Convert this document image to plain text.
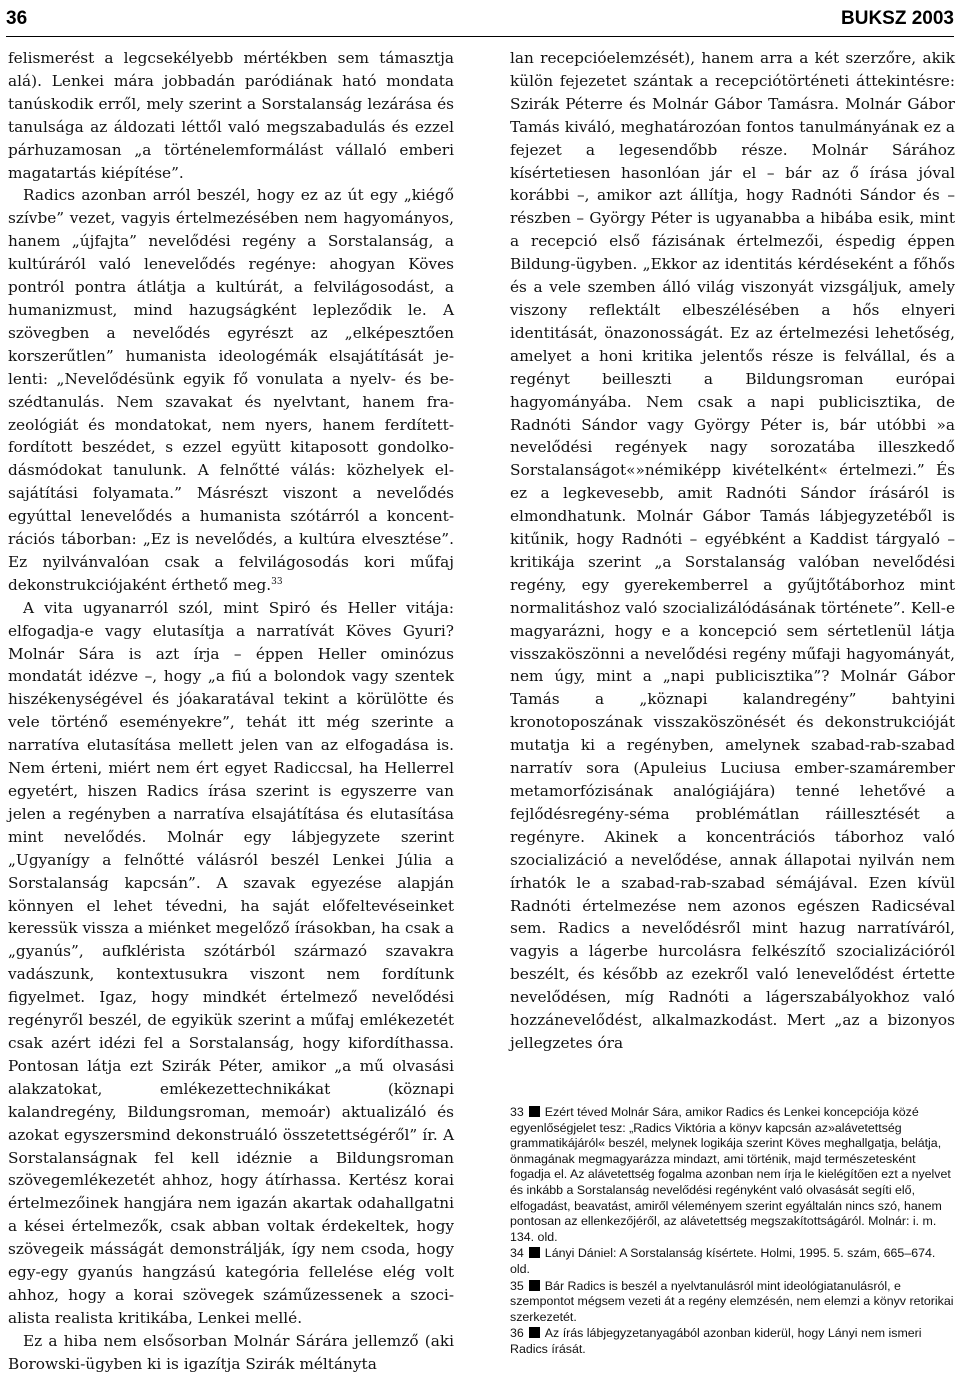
36	BUKSZ 2003

felismerést a legcsekélyebb mértékben sem támasztja alá). Lenkei mára jobbadán paródiának ható mondata tanúskodik erről, mely szerint a Sorstalanság lezárása és tanulsága az áldozati léttől való megszabadulás és ezzel párhuzamosan „a történelemformálást vállaló emberi magatartás kiépítése”.

Radics azonban arról beszél, hogy ez az út egy „kiégő szívbe” vezet, vagyis értelmezésében nem hagyományos, hanem „újfajta” nevelődési regény a Sorstalanság, a kultúráról való lenevelődés regénye: ahogyan Köves pontról pontra átlátja a kultúrát, a felvilágosodást, a humanizmust, mind hazugságként lepleződik le. A szövegben a nevelődés egyrészt az „elképesztően korszerűtlen” humanista ideologémák elsajátítását jelenti: „Nevelődésünk egyik fő vonulata a nyelv- és beszédtanulás. Nem szavakat és nyelvtant, hanem frazeológiát és mondatokat, nem nyers, hanem ferdítettfordított beszédet, s ezzel együtt kitaposott gondolkodásmódokat tanulunk. A felnőtté válás: közhelyek elsajátítási folyamata.” Másrészt viszont a nevelődés egyúttal lenevelődés a humanista szótárról a koncentrációs táborban: „Ez is nevelődés, a kultúra elvesztése”. Ez nyilvánvalóan csak a felvilágosodás kori műfaj dekonstrukciójaként érthető meg.$^{33}$

A vita ugyanarról szól, mint Spiró és Heller vitája: elfogadja-e vagy elutasítja a narratívát Köves Gyuri? Molnár Sára is azt írja – éppen Heller ominózus mondatát idézve –, hogy „a fiú a bolondok vagy szentek hiszékenységével és jóakaratával tekint a körülötte és vele történő eseményekre”, tehát itt még szerinte a narratíva elutasítása mellett jelen van az elfogadása is. Nem érteni, miért nem ért egyet Radiccsal, ha Hellerrel egyetért, hiszen Radics írása szerint is egyszerre van jelen a regényben a narratíva elsajátítása és elutasítása mint nevelődés. Molnár egy lábjegyzete szerint „Ugyanígy a felnőtté válásról beszél Lenkei Júlia a Sorstalanság kapcsán”. A szavak egyezése alapján könnyen el lehet tévedni, ha saját előfeltevéseinket keressük vissza a miénket megelőző írásokban, ha csak a „gyanús”, aufklérista szótárból származó szavakra vadászunk, kontextusukra viszont nem fordítunk figyelmet. Igaz, hogy mindkét értelmező nevelődési regényről beszél, de egyikük szerint a műfaj emlékezetét csak azért idézi fel a Sorstalanság, hogy kifordíthassa. Pontosan látja ezt Szirák Péter, amikor „a mű olvasási alakzatokat, emlékezettechnikákat (köznapi kalandregény, Bildungsroman, memoár) aktualizáló és azokat egyszersmind dekonstruáló összetettségéről” ír. A Sorstalanságnak fel kell idéznie a Bildungsroman szövegemlékezetét ahhoz, hogy átírhassa. Kertész korai értelmezőinek hangjára nem igazán akartak odahallgatni a kései értelmezők, csak abban voltak érdekeltek, hogy szövegeik másságát demonstrálják, így nem csoda, hogy egy-egy gyanús hangzású kategória fellelése elég volt ahhoz, hogy a korai szövegek száműzessenek a szocialista realista kritikába, Lenkei mellé.

Ez a hiba nem elsősorban Molnár Sárára jellemző (aki Borowski-ügyben ki is igazítja Szirák méltányta

lan recepcióelemzését), hanem arra a két szerzőre, akik külön fejezetet szántak a recepciótörténeti áttekintésre: Szirák Péterre és Molnár Gábor Tamásra. Molnár Gábor Tamás kiváló, meghatározóan fontos tanulmányának ez a fejezet a legesendőbb része. Molnár Sárához kísértetiesen hasonlóan jár el – bár az ő írása jóval korábbi –, amikor azt állítja, hogy Radnóti Sándor és – részben – György Péter is ugyanabba a hibába esik, mint a recepció első fázisának értelmezői, éspedig éppen Bildung-ügyben. „Ekkor az identitás kérdéseként a főhős és a vele szemben álló világ viszonyát vizsgáljuk, amely viszony reflektált elbeszélésében a hős elnyeri identitását, önazonosságát. Ez az értelmezési lehetőség, amelyet a honi kritika jelentős része is felvállal, és a regényt beilleszti a Bildungsroman európai hagyományába. Nem csak a napi publicisztika, de Radnóti Sándor vagy György Péter is, bár utóbbi »a nevelődési regények nagy sorozatába illeszkedő Sorstalanságot«»némiképp kivételként« értelmezi.” És ez a legkevesebb, amit Radnóti Sándor írásáról is elmondhatunk. Molnár Gábor Tamás lábjegyzetéből is kitűnik, hogy Radnóti – egyébként a Kaddist tárgyaló – kritikája szerint „a Sorstalanság valóban nevelődési regény, egy gyerekemberrel a gyűjtőtáborhoz mint normalitáshoz való szocializálódásának története”. Kell-e magyarázni, hogy e a koncepció sem sértetlenül látja visszaköszönni a nevelődési regény műfaji hagyományát, nem úgy, mint a „napi publicisztika”? Molnár Gábor Tamás a „köznapi kalandregény” bahtyini kronotoposzának visszaköszönését és dekonstrukcióját mutatja ki a regényben, amelynek szabad-rab-szabad narratív sora (Apuleius Luciusa ember-szamárember metamorfózisának analógiájára) tenné lehetővé a fejlődésregény-séma problémátlan ráillesztését a regényre. Akinek a koncentrációs táborhoz való szocializáció a nevelődése, annak állapotai nyilván nem írhatók le a szabad-rab-szabad sémájával. Ezen kívül Radnóti értelmezése nem azonos egészen Radicséval sem. Radics a nevelődésről mint hazug narratíváról, vagyis a lágerbe hurcolásra felkészítő szocializációról beszélt, és később az ezekről való lenevelődést értette nevelődésen, míg Radnóti a lágerszabályokhoz való hozzánevelődést, alkalmazkodást. Mert „az a bizonyos jellegzetes óra

33 Ezért téved Molnár Sára, amikor Radics és Lenkei koncepciója közé egyenlőségjelet tesz: „Radics Viktória a könyv kapcsán az»alávetettség grammatikájáról« beszél, melynek logikája szerint Köves meghallgatja, belátja, önmagának megmagyarázza mindazt, ami történik, majd természetesként fogadja el. Az alávetettség fogalma azonban nem írja le kielégítően ezt a nyelvet és inkább a Sorstalanság nevelődési regényként való olvasását segíti elő, elfogadást, beavatást, amiről véleményem szerint egyáltalán nincs szó, hanem pontosan az ellenkezőjéről, az alávetettség megszakítottságáról. Molnár: i. m. 134. old.

34 Lányi Dániel: A Sorstalanság kísértete. Holmi, 1995. 5. szám, 665–674. old.

35 Bár Radics is beszél a nyelvtanulásról mint ideológiatanulásról, e szempontot mégsem vezeti át a regény elemzésén, nem elemzi a könyv retorikai szerkezetét.

36 Az írás lábjegyzetanyagából azonban kiderül, hogy Lányi nem ismeri Radics írását.
